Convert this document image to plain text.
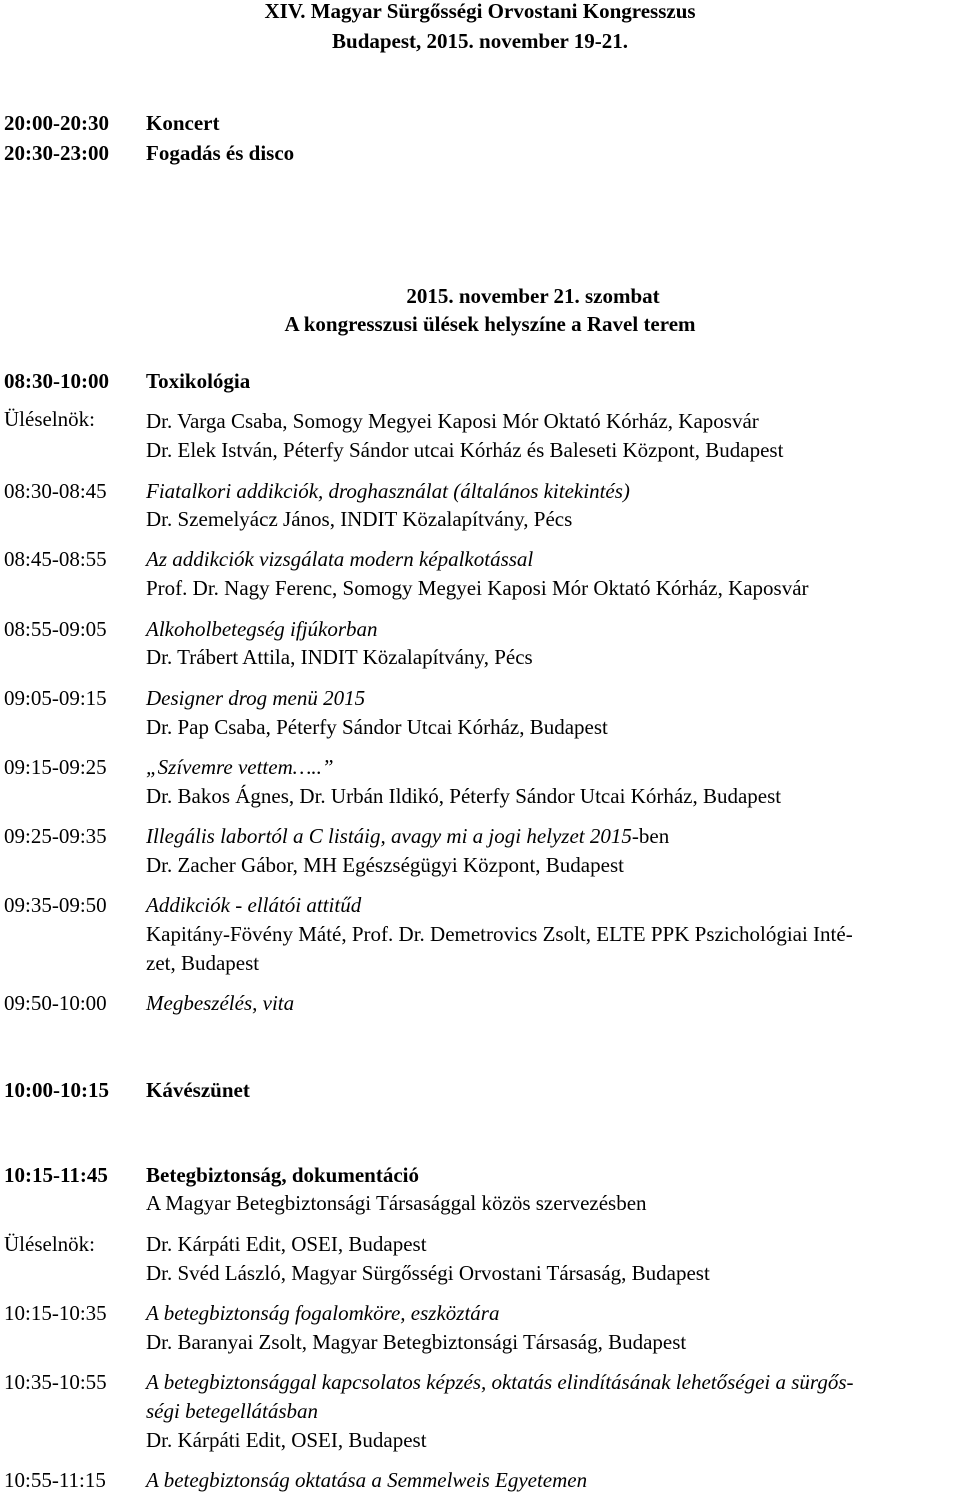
XIV. Magyar Sürgősségi Orvostani Kongresszus
Budapest, 2015. november 19-21.
20:00-20:30 Koncert
20:30-23:00 Fogadás és disco
2015. november 21. szombat
A kongresszusi ülések helyszíne a Ravel terem
08:30-10:00 Toxikológia
Üléselnök: Dr. Varga Csaba, Somogy Megyei Kaposi Mór Oktató Kórház, Kaposvár
Dr. Elek István, Péterfy Sándor utcai Kórház és Baleseti Központ, Budapest
08:30-08:45 Fiatalkori addikciók, droghasználat (általános kitekintés)
Dr. Szemelyácz János, INDIT Közalapítvány, Pécs
08:45-08:55 Az addikciók vizsgálata modern képalkotással
Prof. Dr. Nagy Ferenc, Somogy Megyei Kaposi Mór Oktató Kórház, Kaposvár
08:55-09:05 Alkoholbetegség ifjúkorban
Dr. Trábert Attila, INDIT Közalapítvány, Pécs
09:05-09:15 Designer drog menü 2015
Dr. Pap Csaba, Péterfy Sándor Utcai Kórház, Budapest
09:15-09:25 „Szívemre vettem…..”
Dr. Bakos Ágnes, Dr. Urbán Ildikó, Péterfy Sándor Utcai Kórház, Budapest
09:25-09:35 Illegális labortól a C listáig, avagy mi a jogi helyzet 2015-ben
Dr. Zacher Gábor, MH Egészségügyi Központ, Budapest
09:35-09:50 Addikciók - ellátói attitűd
Kapitány-Fövény Máté, Prof. Dr. Demetrovics Zsolt, ELTE PPK Pszichológiai Inté-
zet, Budapest
09:50-10:00 Megbeszélés, vita
10:00-10:15 Kávészünet
10:15-11:45 Betegbiztonság, dokumentáció
A Magyar Betegbiztonsági Társasággal közös szervezésben
Üléselnök: Dr. Kárpáti Edit, OSEI, Budapest
Dr. Svéd László, Magyar Sürgősségi Orvostani Társaság, Budapest
10:15-10:35 A betegbiztonság fogalomköre, eszköztára
Dr. Baranyai Zsolt, Magyar Betegbiztonsági Társaság, Budapest
10:35-10:55 A betegbiztonsággal kapcsolatos képzés, oktatás elindításának lehetőségei a sürgős-
ségi betegellátásban
Dr. Kárpáti Edit, OSEI, Budapest
10:55-11:15 A betegbiztonság oktatása a Semmelweis Egyetemen
